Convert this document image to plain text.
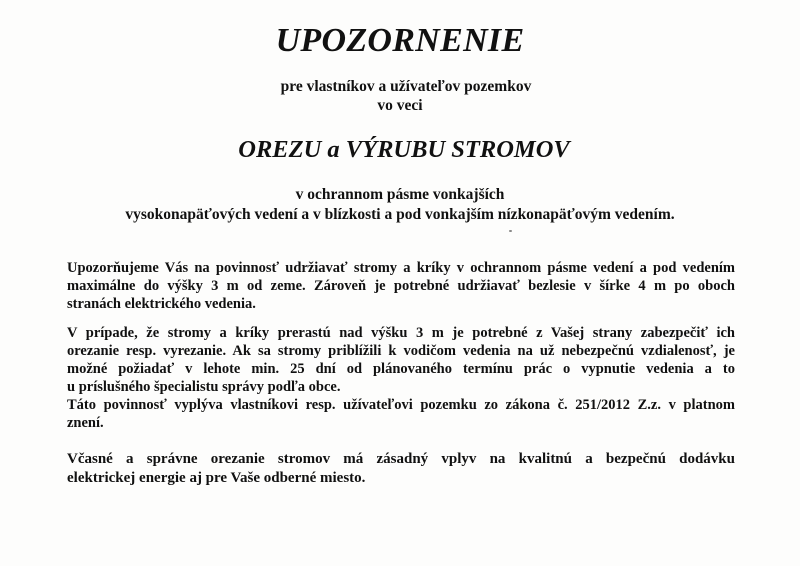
UPOZORNENIE

pre vlastníkov a užívateľov pozemkov

vo veci

OREZU a VÝRUBU STROMOV

v ochrannom pásme vonkajších

vysokonapäťových vedení a v blízkosti a pod vonkajším nízkonapäťovým vedením.

Upozorňujeme Vás na povinnosť udržiavať stromy a kríky v ochrannom pásme vedení a pod vedením
maximálne do výšky 3 m od zeme. Zároveň je potrebné udržiavať bezlesie v šírke 4 m po oboch
stranách elektrického vedenia.
V prípade, že stromy a kríky prerastú nad výšku 3 m je potrebné z Vašej strany zabezpečiť ich
orezanie resp. vyrezanie. Ak sa stromy priblížili k vodičom vedenia na už nebezpečnú vzdialenosť, je
možné požiadať v lehote min. 25 dní od plánovaného termínu prác o vypnutie vedenia a to
u príslušného špecialistu správy podľa obce.
Táto povinnosť vyplýva vlastníkovi resp. užívateľovi pozemku zo zákona č. 251/2012 Z.z. v platnom
znení.
Včasné a správne orezanie stromov má zásadný vplyv na kvalitnú a bezpečnú dodávku
elektrickej energie aj pre Vaše odberné miesto.
